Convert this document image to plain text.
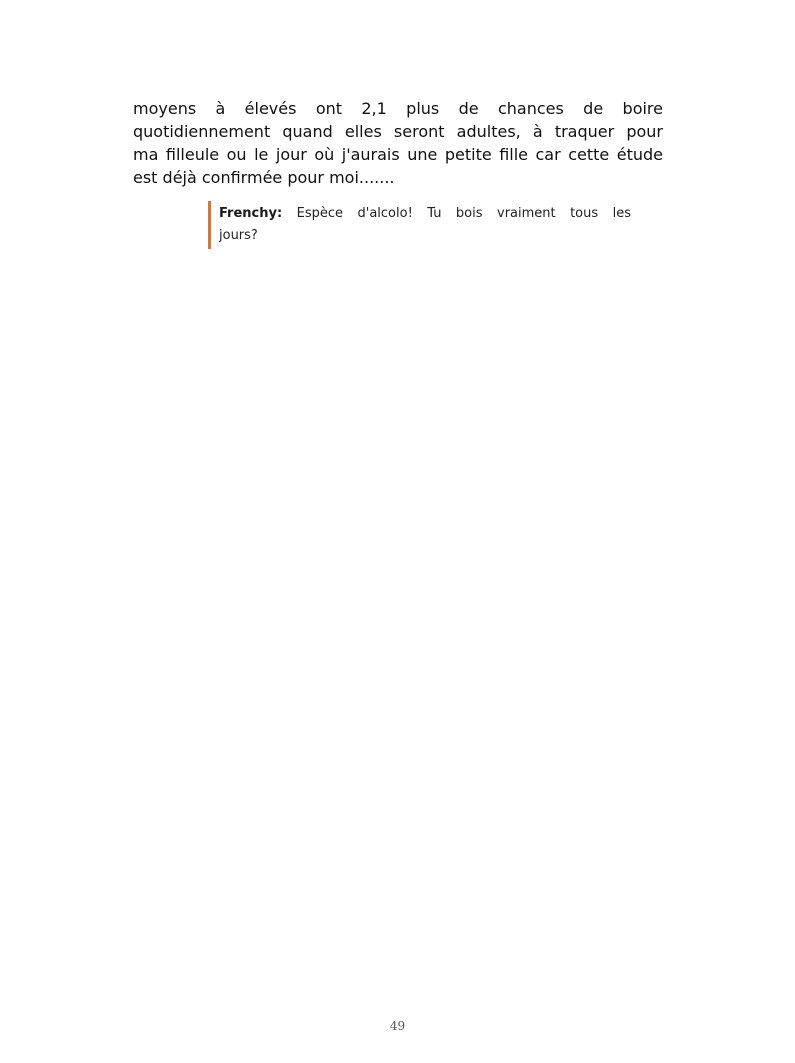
moyens à élevés ont 2,1 plus de chances de boire
quotidiennement quand elles seront adultes, à traquer pour
ma filleule ou le jour où j'aurais une petite fille car cette étude
est déjà confirmée pour moi.......

Frenchy: Espèce d'alcolo! Tu bois vraiment tous les
jours?
49
